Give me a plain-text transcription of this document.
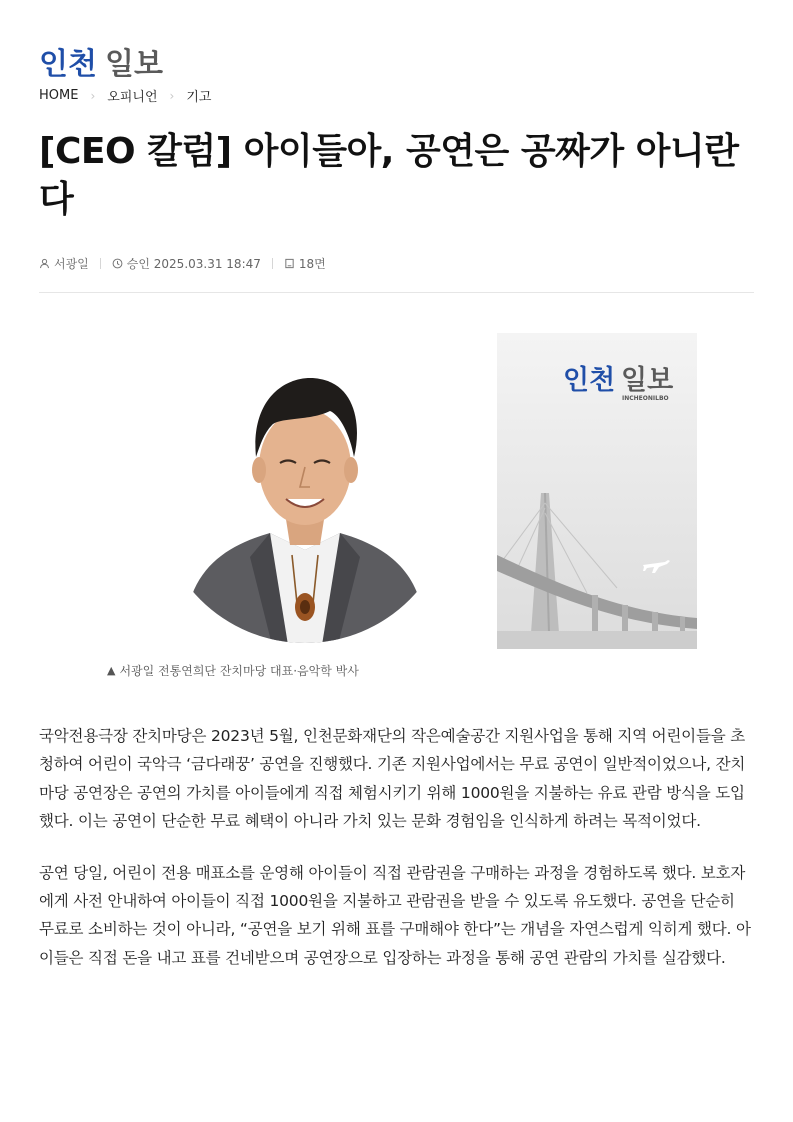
인천 일보
HOME › 오피니언 › 기고
[CEO 칼럼] 아이들아, 공연은 공짜가 아니란다
서광일	승인 2025.03.31 18:47	18면
인천 일보
INCHEONILBO
▲ 서광일 전통연희단 잔치마당 대표·음악학 박사

국악전용극장 잔치마당은 2023년 5월, 인천문화재단의 작은예술공간 지원사업을 통해 지역 어린이들을 초청하여 어린이 국악극 ‘금다래꿍’ 공연을 진행했다. 기존 지원사업에서는 무료 공연이 일반적이었으나, 잔치마당 공연장은 공연의 가치를 아이들에게 직접 체험시키기 위해 1000원을 지불하는 유료 관람 방식을 도입했다. 이는 공연이 단순한 무료 혜택이 아니라 가치 있는 문화 경험임을 인식하게 하려는 목적이었다.

공연 당일, 어린이 전용 매표소를 운영해 아이들이 직접 관람권을 구매하는 과정을 경험하도록 했다. 보호자에게 사전 안내하여 아이들이 직접 1000원을 지불하고 관람권을 받을 수 있도록 유도했다. 공연을 단순히 무료로 소비하는 것이 아니라, “공연을 보기 위해 표를 구매해야 한다”는 개념을 자연스럽게 익히게 했다. 아이들은 직접 돈을 내고 표를 건네받으며 공연장으로 입장하는 과정을 통해 공연 관람의 가치를 실감했다.
